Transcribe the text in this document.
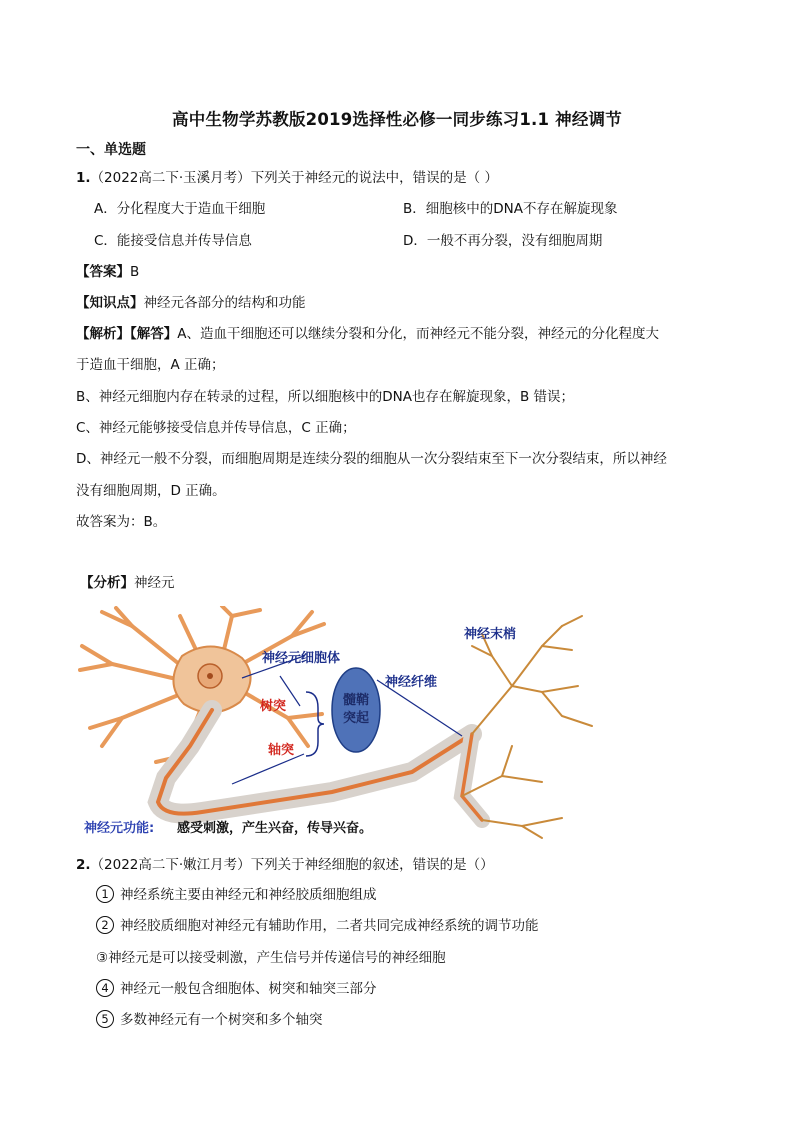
高中生物学苏教版2019选择性必修一同步练习1.1 神经调节
一、单选题
1.（2022高二下·玉溪月考）下列关于神经元的说法中，错误的是（ ）
A．分化程度大于造血干细胞	B．细胞核中的DNA不存在解旋现象
C．能接受信息并传导信息	D．一般不再分裂，没有细胞周期
【答案】B
【知识点】神经元各部分的结构和功能
【解析】【解答】A、造血干细胞还可以继续分裂和分化，而神经元不能分裂，神经元的分化程度大
于造血干细胞，A 正确；
B、神经元细胞内存在转录的过程，所以细胞核中的DNA也存在解旋现象，B 错误；
C、神经元能够接受信息并传导信息，C 正确；
D、神经元一般不分裂，而细胞周期是连续分裂的细胞从一次分裂结束至下一次分裂结束，所以神经
没有细胞周期，D 正确。
故答案为：B。
【分析】神经元
神经元细胞体
树突
轴突
髓鞘
突起
神经纤维
神经末梢
神经元功能: 感受刺激，产生兴奋，传导兴奋。
2.（2022高二下·嫩江月考）下列关于神经细胞的叙述，错误的是（）
1 神经系统主要由神经元和神经胶质细胞组成
2 神经胶质细胞对神经元有辅助作用，二者共同完成神经系统的调节功能
③神经元是可以接受刺激，产生信号并传递信号的神经细胞
4 神经元一般包含细胞体、树突和轴突三部分
5 多数神经元有一个树突和多个轴突
